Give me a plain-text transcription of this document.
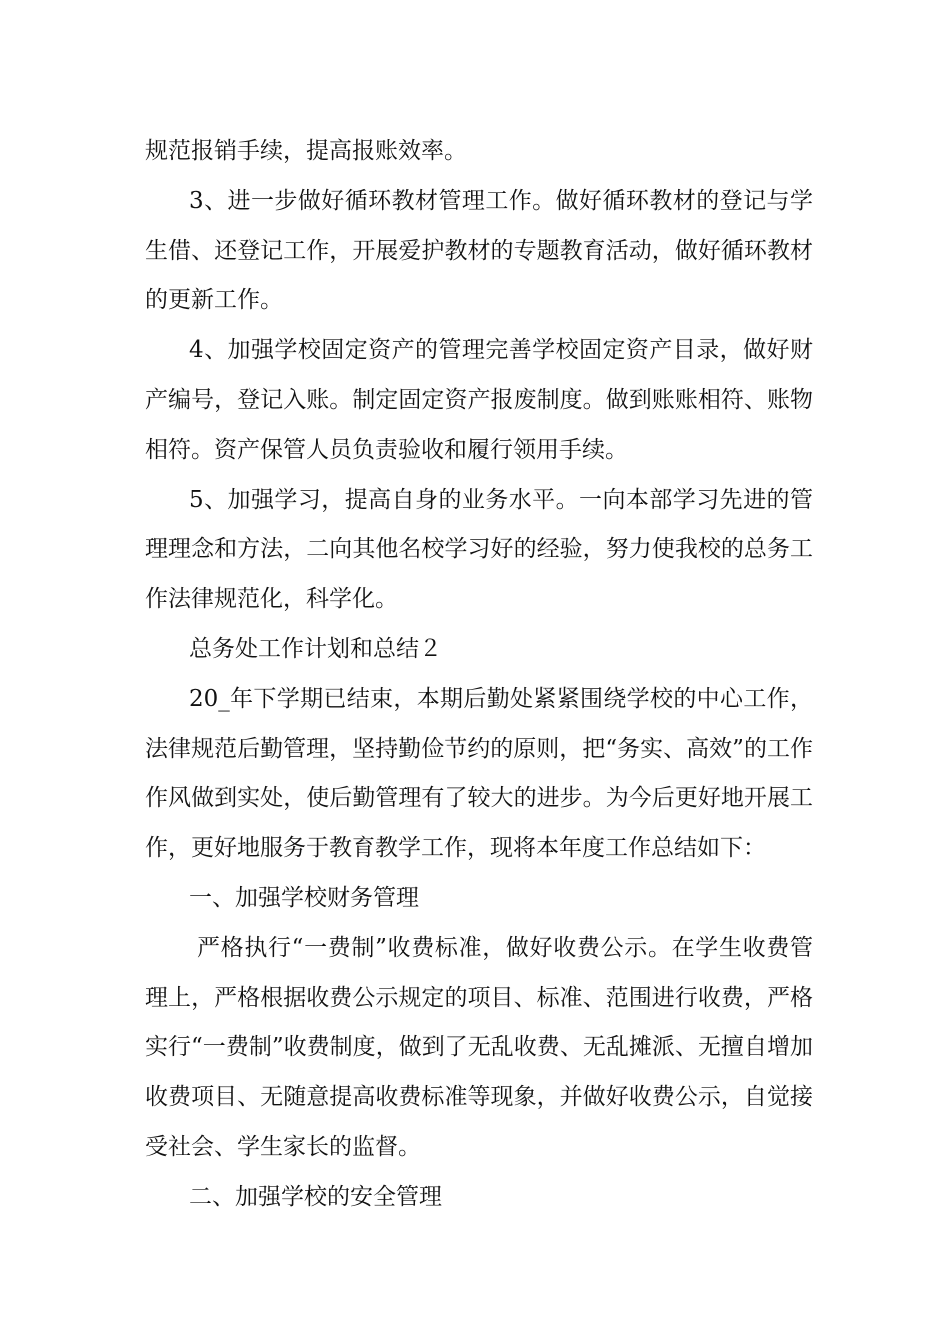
规范报销手续，提高报账效率。

3、进一步做好循环教材管理工作。做好循环教材的登记与学生借、还登记工作，开展爱护教材的专题教育活动，做好循环教材的更新工作。

4、加强学校固定资产的管理完善学校固定资产目录，做好财产编号，登记入账。制定固定资产报废制度。做到账账相符、账物相符。资产保管人员负责验收和履行领用手续。

5、加强学习，提高自身的业务水平。一向本部学习先进的管理理念和方法，二向其他名校学习好的经验，努力使我校的总务工作法律规范化，科学化。

总务处工作计划和总结２

20_年下学期已结束，本期后勤处紧紧围绕学校的中心工作，法律规范后勤管理，坚持勤俭节约的原则，把“务实、高效”的工作作风做到实处，使后勤管理有了较大的进步。为今后更好地开展工作，更好地服务于教育教学工作，现将本年度工作总结如下：

一、加强学校财务管理

严格执行“一费制”收费标准，做好收费公示。在学生收费管理上，严格根据收费公示规定的项目、标准、范围进行收费，严格实行“一费制”收费制度，做到了无乱收费、无乱摊派、无擅自增加收费项目、无随意提高收费标准等现象，并做好收费公示，自觉接受社会、学生家长的监督。

二、加强学校的安全管理
